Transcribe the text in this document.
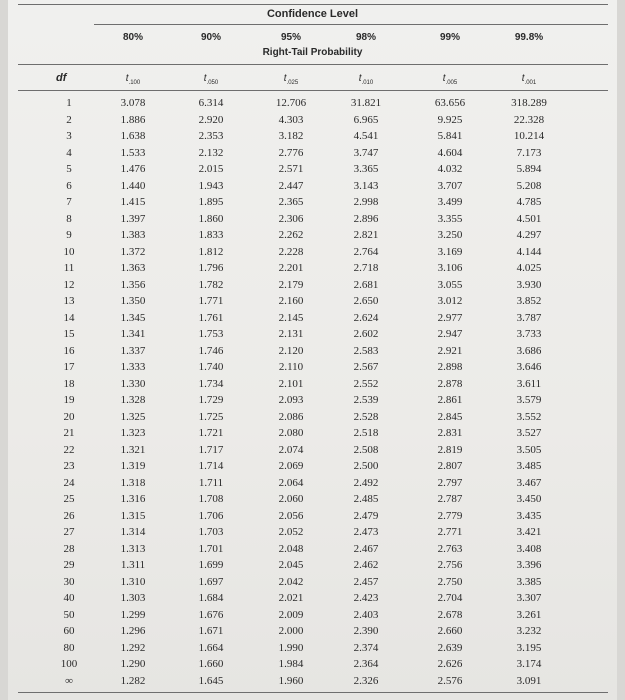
Confidence Level
80%	90%	95%	98%	99%	99.8%
Right-Tail Probability
df	$t_{.100}$	$t_{.050}$	$t_{.025}$	$t_{.010}$	$t_{.005}$	$t_{.001}$
1	3.078	6.314	12.706	31.821	63.656	318.289
2	1.886	2.920	4.303	6.965	9.925	22.328
3	1.638	2.353	3.182	4.541	5.841	10.214
4	1.533	2.132	2.776	3.747	4.604	7.173
5	1.476	2.015	2.571	3.365	4.032	5.894
6	1.440	1.943	2.447	3.143	3.707	5.208
7	1.415	1.895	2.365	2.998	3.499	4.785
8	1.397	1.860	2.306	2.896	3.355	4.501
9	1.383	1.833	2.262	2.821	3.250	4.297
10	1.372	1.812	2.228	2.764	3.169	4.144
11	1.363	1.796	2.201	2.718	3.106	4.025
12	1.356	1.782	2.179	2.681	3.055	3.930
13	1.350	1.771	2.160	2.650	3.012	3.852
14	1.345	1.761	2.145	2.624	2.977	3.787
15	1.341	1.753	2.131	2.602	2.947	3.733
16	1.337	1.746	2.120	2.583	2.921	3.686
17	1.333	1.740	2.110	2.567	2.898	3.646
18	1.330	1.734	2.101	2.552	2.878	3.611
19	1.328	1.729	2.093	2.539	2.861	3.579
20	1.325	1.725	2.086	2.528	2.845	3.552
21	1.323	1.721	2.080	2.518	2.831	3.527
22	1.321	1.717	2.074	2.508	2.819	3.505
23	1.319	1.714	2.069	2.500	2.807	3.485
24	1.318	1.711	2.064	2.492	2.797	3.467
25	1.316	1.708	2.060	2.485	2.787	3.450
26	1.315	1.706	2.056	2.479	2.779	3.435
27	1.314	1.703	2.052	2.473	2.771	3.421
28	1.313	1.701	2.048	2.467	2.763	3.408
29	1.311	1.699	2.045	2.462	2.756	3.396
30	1.310	1.697	2.042	2.457	2.750	3.385
40	1.303	1.684	2.021	2.423	2.704	3.307
50	1.299	1.676	2.009	2.403	2.678	3.261
60	1.296	1.671	2.000	2.390	2.660	3.232
80	1.292	1.664	1.990	2.374	2.639	3.195
100	1.290	1.660	1.984	2.364	2.626	3.174
∞	1.282	1.645	1.960	2.326	2.576	3.091
